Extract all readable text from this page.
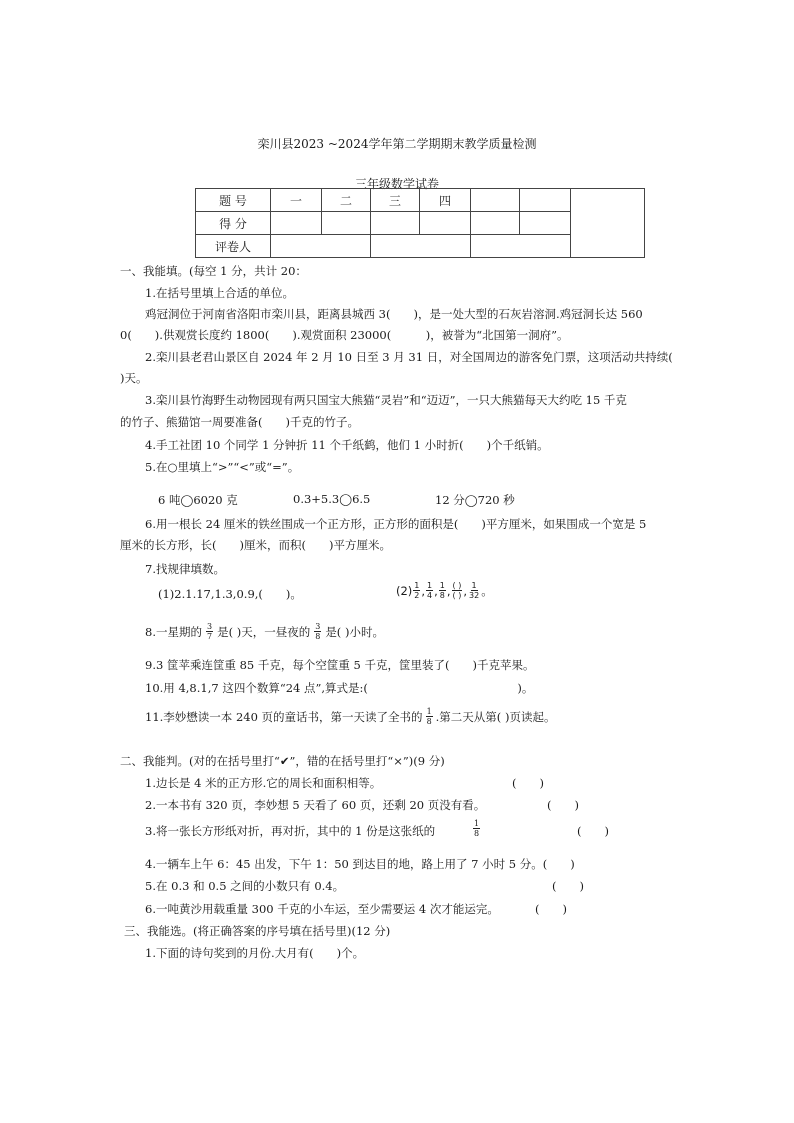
栾川县2023 ~2024学年第二学期期末教学质量检测
三年级数学试卷
题 号	一	二	三	四			
得 分							
评卷人							
一、我能填。(每空 1 分，共计 20：
1.在括号里填上合适的单位。
鸡冠洞位于河南省洛阳市栾川县，距离县城西 3(　　)，是一处大型的石灰岩溶洞.鸡冠洞长达 560
0(　　).供观赏长度约 1800(　　).观赏面积 23000(　　　)，被誉为“北国第一洞府”。
2.栾川县老君山景区自 2024 年 2 月 10 日至 3 月 31 日，对全国周边的游客免门票，这项活动共持续(
)天。
3.栾川县竹海野生动物园现有两只国宝大熊猫“灵岩”和“迈迈”，一只大熊猫每天大约吃 15 千克
的竹子、熊猫馆一周要准备(　　)千克的竹子。
4.手工社团 10 个同学 1 分钟折 11 个千纸鹤，他们 1 小时折(　　)个千纸销。
5.在○里填上“>”“<”或“=”。
6 吨◯6020 克	0.3+5.3◯6.5	12 分◯720 秒
6.用一根长 24 厘米的铁丝围成一个正方形，正方形的面积是(　　)平方厘米，如果围成一个宽是 5
厘米的长方形，长(　　)厘米，而积(　　)平方厘米。
7.找规律填数。
(1)2.1.17,1.3,0.9,(　　)。	$(2) \frac{1}{2}$ , $\frac{1}{4}$ , $\frac{1}{8}$ , $\frac{( )}{( )}$ , $\frac{1}{32}$ 。
8.一星期的 $\frac{3}{7}$ 是( )天，一昼夜的 $\frac{3}{8}$ 是( )小时。
9.3 筐苹乘连筐重 85 千克，每个空筐重 5 千克，筐里装了(　　)千克苹果。
10.用 4,8.1,7 这四个数算“24 点”,算式是:(　　　　　　　　　　　　　)。
11.李妙懋读一本 240 页的童话书，第一天读了全书的 $\frac{1}{8}$ .第二天从第( )页读起。
二、我能判。(对的在括号里打“✔”，错的在括号里打“×”)(9 分)
1.边长是 4 米的正方形.它的周长和面积相等。	(　　)
2.一本书有 320 页，李妙想 5 天看了 60 页，还剩 20 页没有看。	(　　)
3.将一张长方形纸对折，再对折，其中的 1 份是这张纸的	$\frac{1}{8}$	(　　)
4.一辆车上午 6：45 出发，下午 1：50 到达目的地，路上用了 7 小时 5 分。(　　)
5.在 0.3 和 0.5 之间的小数只有 0.4。	(　　)
6.一吨黄沙用载重量 300 千克的小车运，至少需要运 4 次才能运完。	(　　)
三、我能选。(将正确答案的序号填在括号里)(12 分)
1.下面的诗句奖到的月份.大月有(　　)个。
